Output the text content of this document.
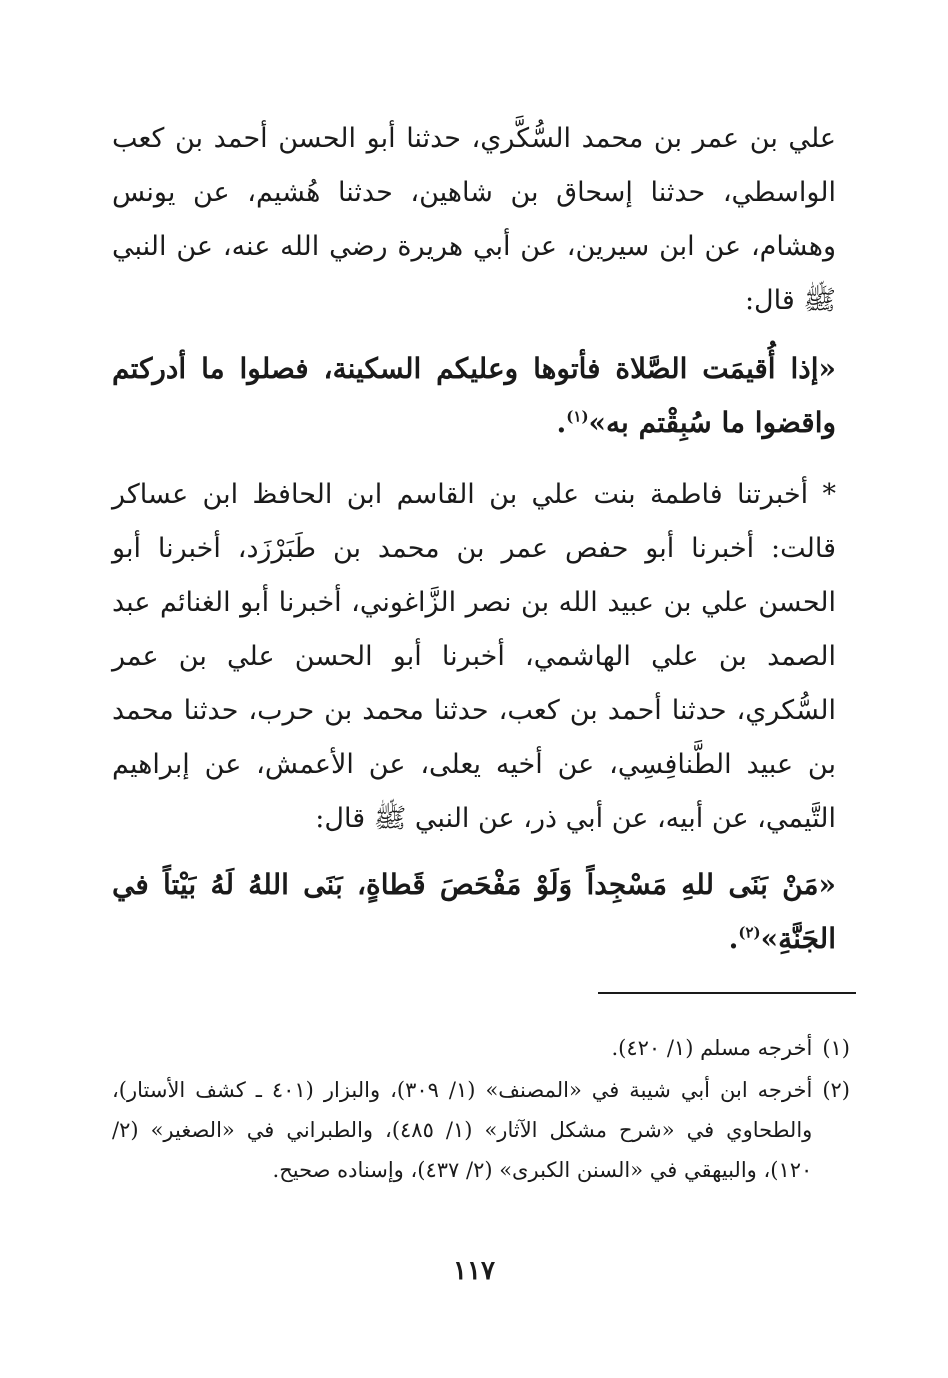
علي بن عمر بن محمد السُّكَّري، حدثنا أبو الحسن أحمد بن كعب الواسطي، حدثنا إسحاق بن شاهين، حدثنا هُشيم، عن يونس وهشام، عن ابن سيرين، عن أبي هريرة رضي الله عنه، عن النبي ﷺ قال:

«إذا أُقيمَت الصَّلاة فأتوها وعليكم السكينة، فصلوا ما أدركتم واقضوا ما سُبِقْتم به»$^{(١)}$.

* أخبرتنا فاطمة بنت علي بن القاسم ابن الحافظ ابن عساكر قالت: أخبرنا أبو حفص عمر بن محمد بن طَبَرْزَد، أخبرنا أبو الحسن علي بن عبيد الله بن نصر الزَّاغوني، أخبرنا أبو الغنائم عبد الصمد بن علي الهاشمي، أخبرنا أبو الحسن علي بن عمر السُّكري، حدثنا أحمد بن كعب، حدثنا محمد بن حرب، حدثنا محمد بن عبيد الطَّنافِسِي، عن أخيه يعلى، عن الأعمش، عن إبراهيم التَّيمي، عن أبيه، عن أبي ذر، عن النبي ﷺ قال:

«مَنْ بَنَى للهِ مَسْجِداً وَلَوْ مَفْحَصَ قَطاةٍ، بَنَى اللهُ لَهُ بَيْتاً في الجَنَّةِ»$^{(٢)}$.

(١)
أخرجه مسلم (١/ ٤٢٠).
(٢)
أخرجه ابن أبي شيبة في «المصنف» (١/ ٣٠٩)، والبزار (٤٠١ ـ كشف الأستار)، والطحاوي في «شرح مشكل الآثار» (١/ ٤٨٥)، والطبراني في «الصغير» (٢/ ١٢٠)، والبيهقي في «السنن الكبرى» (٢/ ٤٣٧)، وإسناده صحيح.
١١٧
